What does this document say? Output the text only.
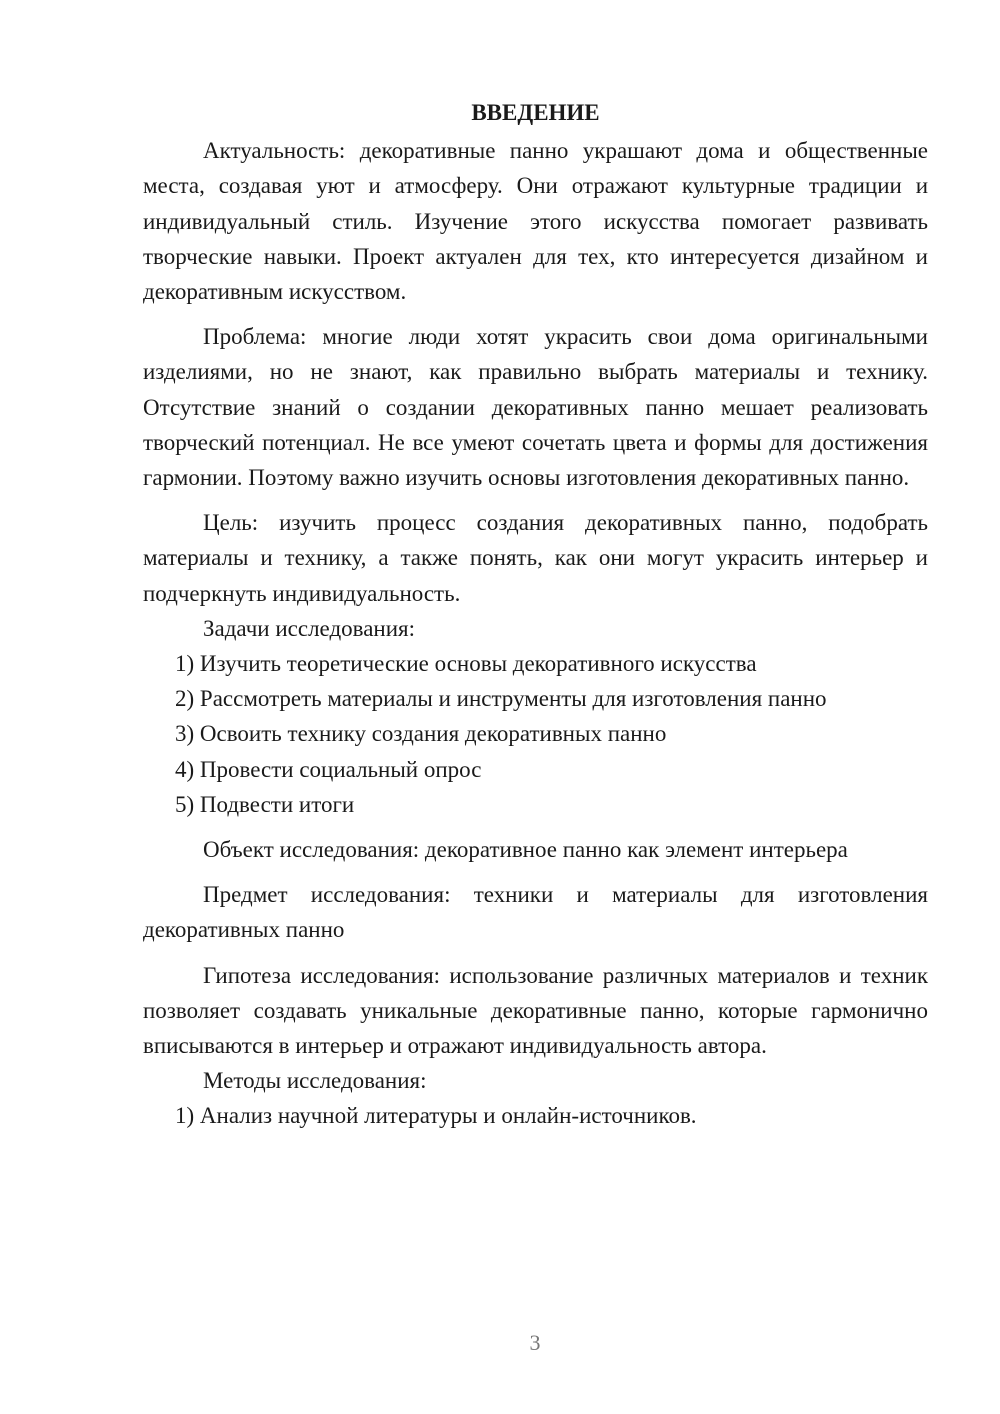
ВВЕДЕНИЕ

Актуальность: декоративные панно украшают дома и общественные места, создавая уют и атмосферу. Они отражают культурные традиции и индивидуальный стиль. Изучение этого искусства помогает развивать творческие навыки. Проект актуален для тех, кто интересуется дизайном и декоративным искусством.

Проблема: многие люди хотят украсить свои дома оригинальными изделиями, но не знают, как правильно выбрать материалы и технику. Отсутствие знаний о создании декоративных панно мешает реализовать творческий потенциал. Не все умеют сочетать цвета и формы для достижения гармонии. Поэтому важно изучить основы изготовления декоративных панно.

Цель: изучить процесс создания декоративных панно, подобрать материалы и технику, а также понять, как они могут украсить интерьер и подчеркнуть индивидуальность.

Задачи исследования:

1) Изучить теоретические основы декоративного искусства

2) Рассмотреть материалы и инструменты для изготовления панно

3) Освоить технику создания декоративных панно

4) Провести социальный опрос

5) Подвести итоги

Объект исследования: декоративное панно как элемент интерьера

Предмет исследования: техники и материалы для изготовления декоративных панно

Гипотеза исследования: использование различных материалов и техник позволяет создавать уникальные декоративные панно, которые гармонично вписываются в интерьер и отражают индивидуальность автора.

Методы исследования:

1) Анализ научной литературы и онлайн-источников.

3
